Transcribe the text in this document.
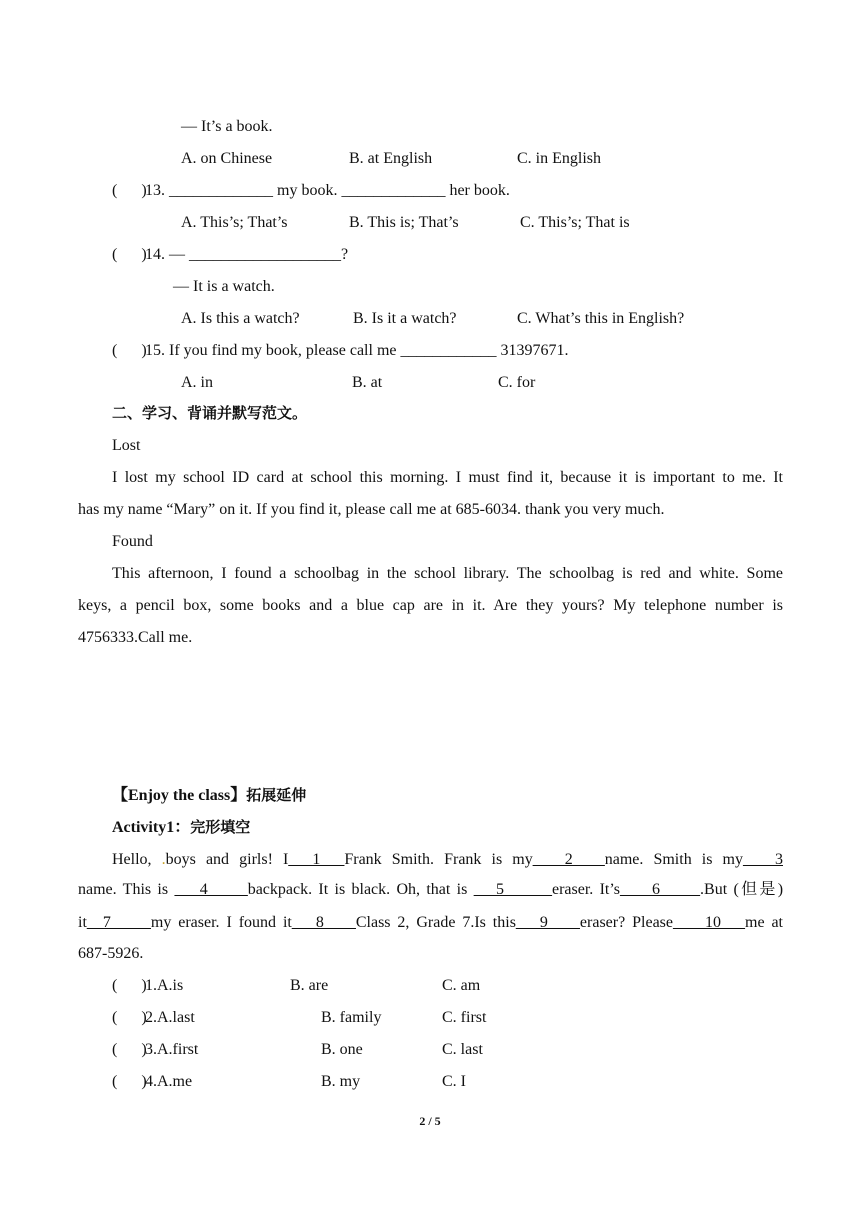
— It’s a book.
A. on Chinese	B. at English	C. in English
(      )
13. _____________ my book. _____________ her book.
A. This’s; That’s	B. This is; That’s	C. This’s; That is
(      )
14. — ___________________?
— It is a watch.
A. Is this a watch?	B. Is it a watch?	C. What’s this in English?
(      )
15. If you find my book, please call me ____________ 31397671.
A. in	B. at	C. for
二、学习、背诵并默写范文。
Lost
I lost my school ID card at school this morning. I must find it, because it is important to me. It
has my name “Mary” on it. If you find it, please call me at 685-6034. thank you very much.
Found
This afternoon, I found a schoolbag in the school library. The schoolbag is red and white. Some
keys, a pencil box, some books and a blue cap are in it. Are they yours? My telephone number is
4756333.Call me.
【Enjoy the class】拓展延伸
Activity1：完形填空
Hello, .boys and girls! I___1___Frank Smith. Frank is my____2____name. Smith is my____3
name. This is     4_____backpack. It is black. Oh, that is  __5______eraser. It’s____6_____.But (但是)
it__7_____my eraser. I found it___8____Class 2, Grade 7.Is this___9____eraser? Please____10___me at
687-5926.
(      )
1.A.is	B. are	C. am
(      )
2.A.last	B. family	C. first
(      )
3.A.first	B. one	C. last
(      )
4.A.me	B. my	C. I
2 / 5
